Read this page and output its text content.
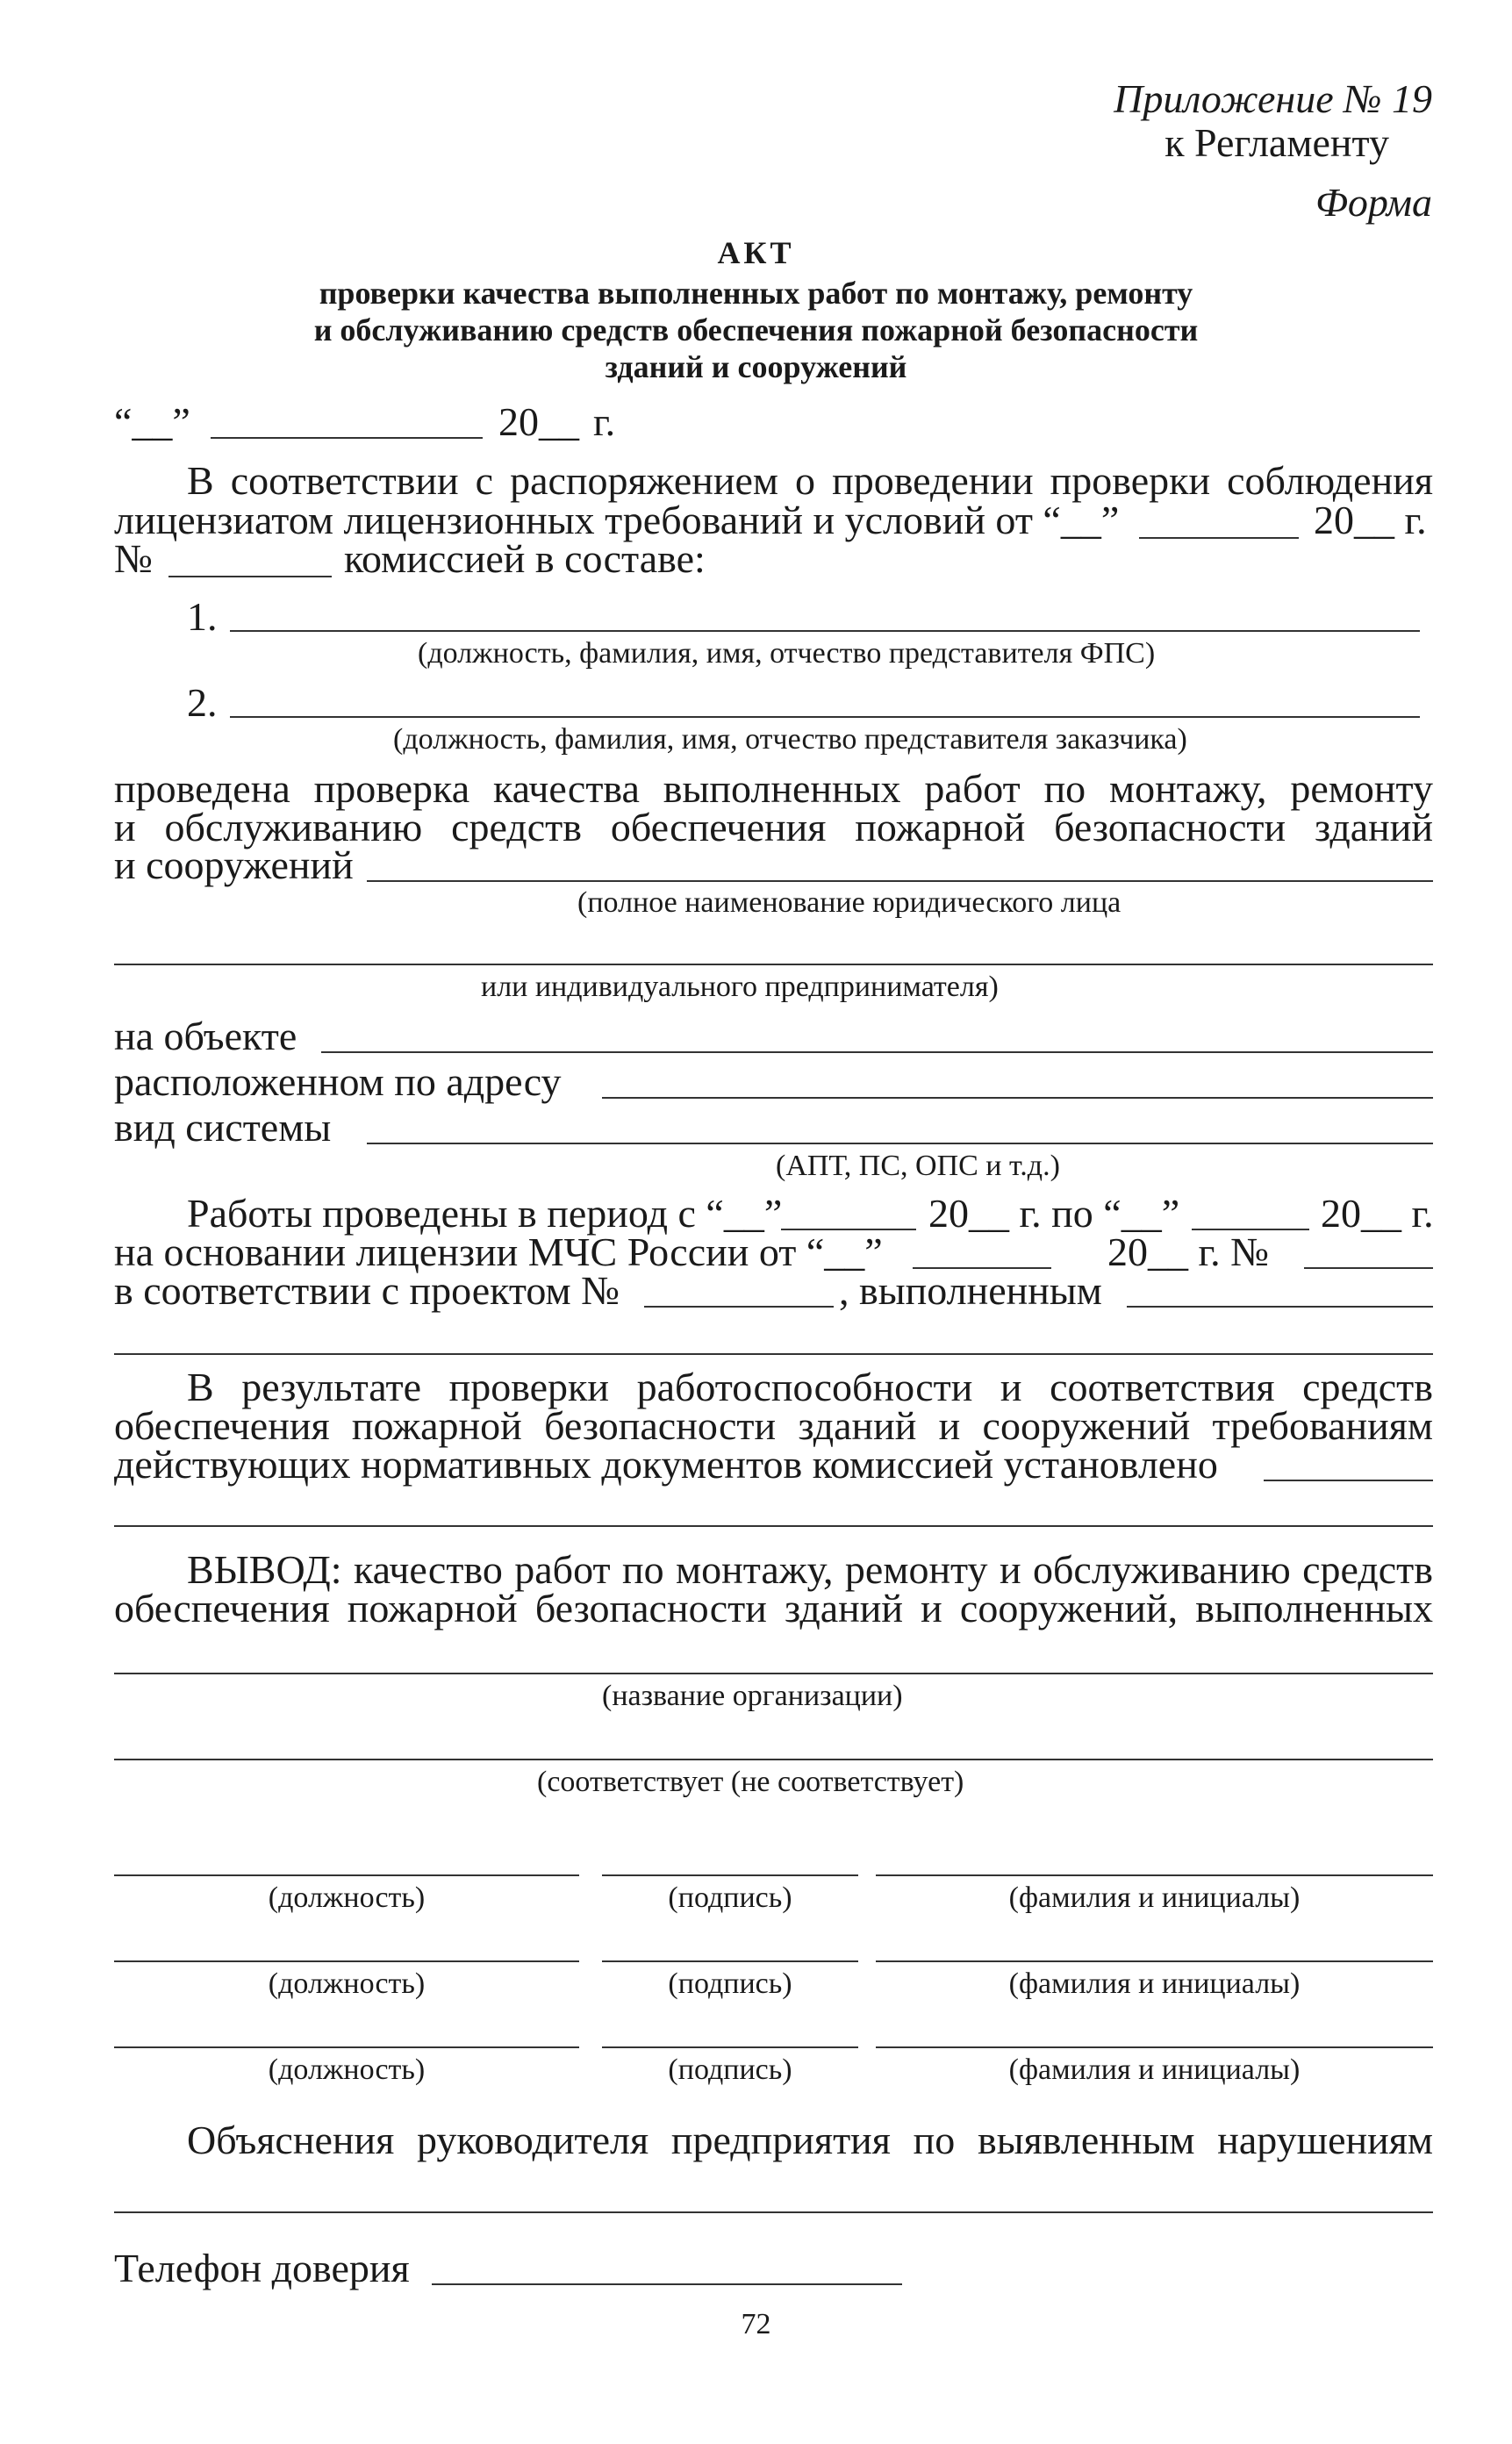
Приложение № 19
к Регламенту
Форма
АКТ
проверки качества выполненных работ по монтажу, ремонту
и обслуживанию средств обеспечения пожарной безопасности
зданий и сооружений
“__”	20__ г.
В соответствии с распоряжением о проведении проверки соблюдения
лицензиатом лицензионных требований и условий от “__”	20__ г.
№	комиссией в составе:
1.
(должность, фамилия, имя, отчество представителя ФПС)
2.
(должность, фамилия, имя, отчество представителя заказчика)
проведена проверка качества выполненных работ по монтажу, ремонту
и обслуживанию средств обеспечения пожарной безопасности зданий
и сооружений
(полное наименование юридического лица
или индивидуального предпринимателя)
на объекте
расположенном по адресу
вид системы
(АПТ, ПС, ОПС и т.д.)
Работы проведены в период с “__”	20__ г. по “__”	20__ г.
на основании лицензии МЧС России от “__”	20__ г. №
в соответствии с проектом №	, выполненным
В результате проверки работоспособности и соответствия средств
обеспечения пожарной безопасности зданий и сооружений требованиям
действующих нормативных документов комиссией установлено
ВЫВОД: качество работ по монтажу, ремонту и обслуживанию средств
обеспечения пожарной безопасности зданий и сооружений, выполненных
(название организации)
(соответствует (не соответствует)
(должность)	(подпись)	(фамилия и инициалы)
(должность)	(подпись)	(фамилия и инициалы)
(должность)	(подпись)	(фамилия и инициалы)
Объяснения руководителя предприятия по выявленным нарушениям
Телефон доверия
72
